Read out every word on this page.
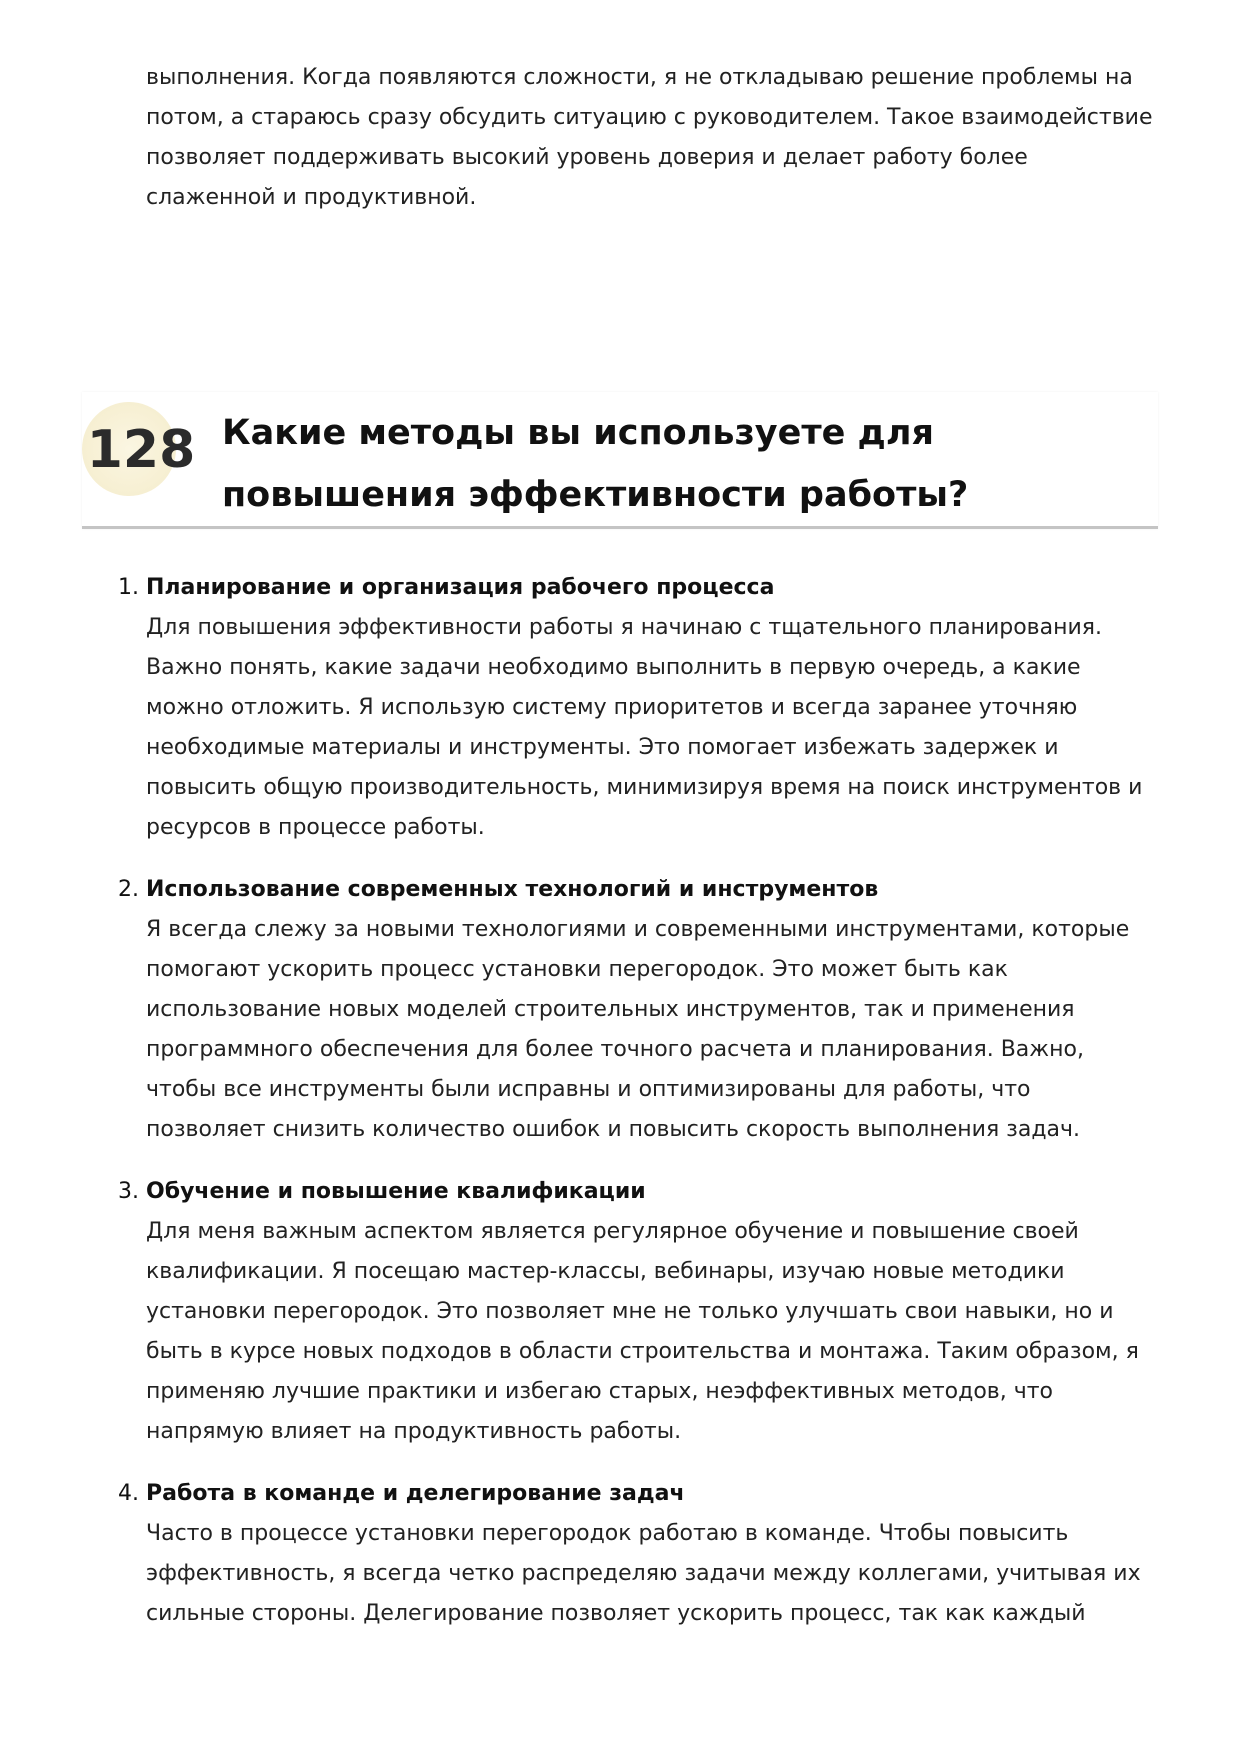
выполнения. Когда появляются сложности, я не откладываю решение проблемы на потом, а стараюсь сразу обсудить ситуацию с руководителем. Такое взаимодействие позволяет поддерживать высокий уровень доверия и делает работу более слаженной и продуктивной.

128 Какие методы вы используете для повышения эффективности работы?
1. Планирование и организация рабочего процесса
Для повышения эффективности работы я начинаю с тщательного планирования. Важно понять, какие задачи необходимо выполнить в первую очередь, а какие можно отложить. Я использую систему приоритетов и всегда заранее уточняю необходимые материалы и инструменты. Это помогает избежать задержек и повысить общую производительность, минимизируя время на поиск инструментов и ресурсов в процессе работы.
2. Использование современных технологий и инструментов
Я всегда слежу за новыми технологиями и современными инструментами, которые помогают ускорить процесс установки перегородок. Это может быть как использование новых моделей строительных инструментов, так и применения программного обеспечения для более точного расчета и планирования. Важно, чтобы все инструменты были исправны и оптимизированы для работы, что позволяет снизить количество ошибок и повысить скорость выполнения задач.
3. Обучение и повышение квалификации
Для меня важным аспектом является регулярное обучение и повышение своей квалификации. Я посещаю мастер-классы, вебинары, изучаю новые методики установки перегородок. Это позволяет мне не только улучшать свои навыки, но и быть в курсе новых подходов в области строительства и монтажа. Таким образом, я применяю лучшие практики и избегаю старых, неэффективных методов, что напрямую влияет на продуктивность работы.
4. Работа в команде и делегирование задач
Часто в процессе установки перегородок работаю в команде. Чтобы повысить эффективность, я всегда четко распределяю задачи между коллегами, учитывая их сильные стороны. Делегирование позволяет ускорить процесс, так как каждый
